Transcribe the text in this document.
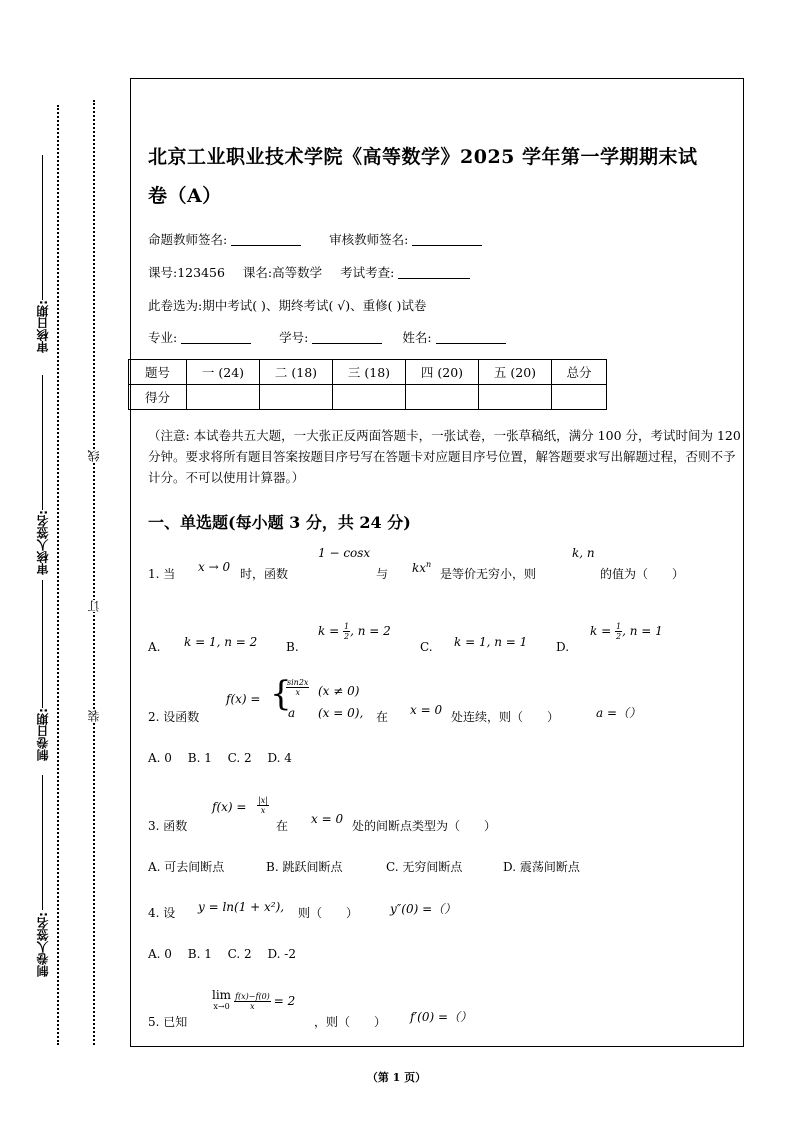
审核日期:
审核人签名:
制卷日期:
制卷人签名:
线
订
装
北京工业职业技术学院《高等数学》2025 学年第一学期期末试
卷（A）
命题教师签名:	审核教师签名:
课号:123456 课名:高等数学 考试考查:
此卷选为:期中考试( )、期终考试( √)、重修( )试卷
专业:	学号:	姓名:
题号	一 (24)	二 (18)	三 (18)	四 (20)	五 (20)	总分
得分						
（注意: 本试卷共五大题，一大张正反两面答题卡，一张试卷，一张草稿纸，满分 100 分，考试时间为 120 分钟。要求将所有题目答案按题目序号写在答题卡对应题目序号位置，解答题要求写出解题过程，否则不予计分。不可以使用计算器。）
一、单选题(每小题 3 分，共 24 分)
1. 当 x → 0 时，函数
1 − cosx
与 $kx^n$
是等价无穷小，则
k, n
的值为（　　）
A. k = 1, n = 2 B.
$k = \frac{1}{2}$ , n = 2
C. k = 1, n = 1 D.
$k = \frac{1}{2}$ , n = 1
2. 设函数
f(x) = {
$\frac{\sin 2x}{x} (x \ne 0)$
a (x = 0), 在 x = 0 处连续，则（　　）	a =（）
A. 0　 B. 1　 C. 2　 D. 4
3. 函数
$f(x) = \frac{|x|}{x}$
在 x = 0 处的间断点类型为（　　）
A. 可去间断点	B. 跳跃间断点	C. 无穷间断点	D. 震荡间断点
4. 设 y = ln(1 + x²), 则（　　）	y″(0) =（）
A. 0　 B. 1　 C. 2　 D. -2
5. 已知
lim
$x\to 0 \frac{f(x)-f(0)}{x} = 2$
，则（　　） f′(0) =（）
（第 1 页）
